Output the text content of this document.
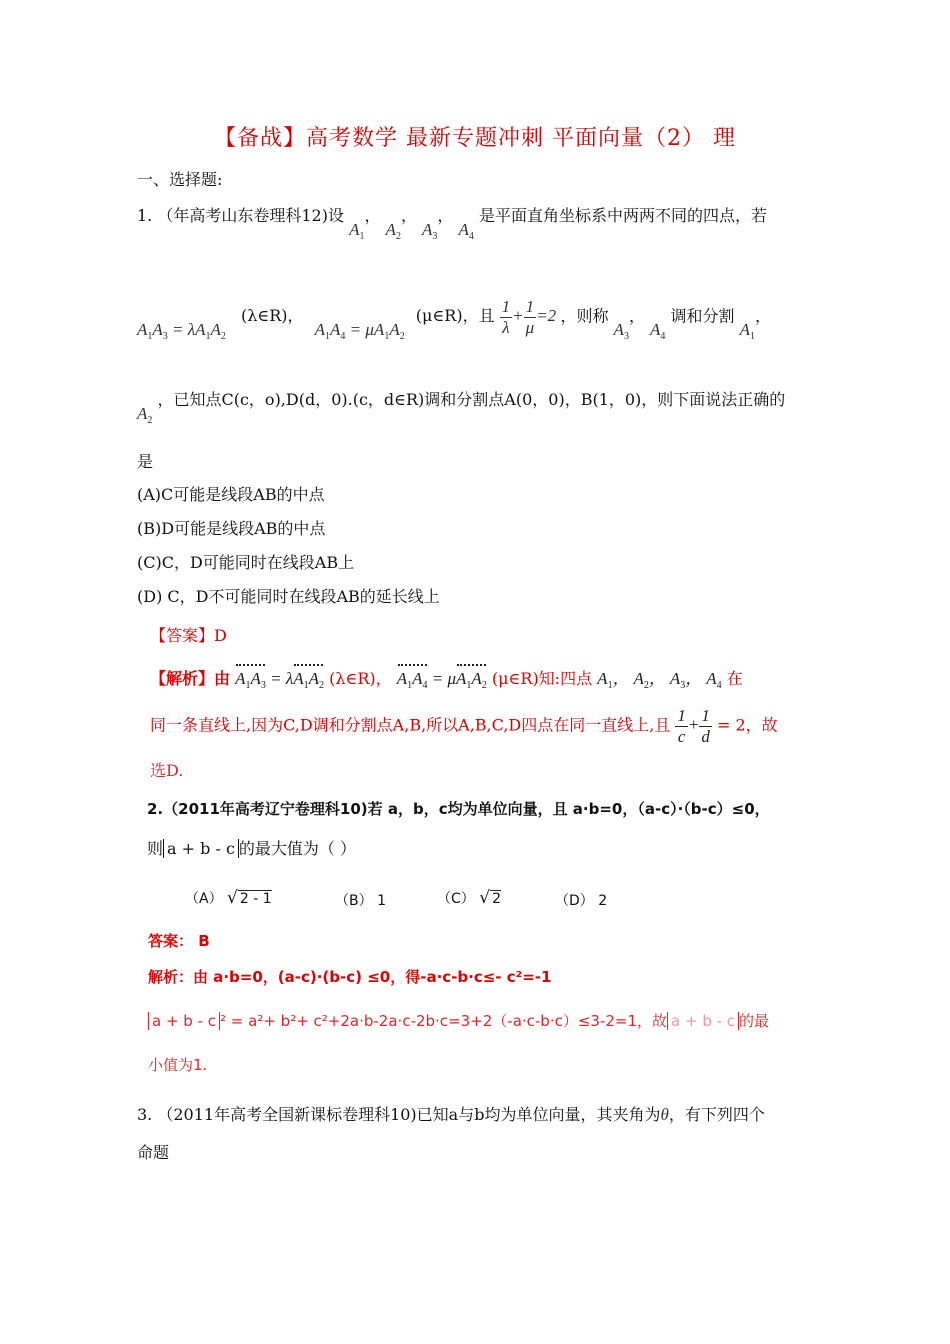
【备战】高考数学 最新专题冲刺 平面向量（2） 理
一、选择题:
1. （年高考山东卷理科12)设 $A_1$， $A_2$， $A_3$， $A_4$ 是平面直角坐标系中两两不同的四点，若
$A_1A_3 = \lambda A_1A_2$ (λ∈R)， $A_1A_4 = \mu A_1A_2$ (μ∈R)，且 $\frac{1}{\lambda} + \frac{1}{\mu} =2$ ，则称 $A_3$， $A_4$ 调和分割 $A_1$，
$A_2$ ，已知点C(c，o),D(d，0).(c，d∈R)调和分割点A(0，0)，B(1，0)，则下面说法正确的
是
(A)C可能是线段AB的中点
(B)D可能是线段AB的中点
(C)C，D可能同时在线段AB上
(D) C，D不可能同时在线段AB的延长线上
【答案】D
【解析】由 $A_1A_3 = \lambda A_1A_2$ (λ∈R)， $A_1A_4 = \mu A_1A_2$ (μ∈R)知:四点 $A_1$， $A_2$， $A_3$， $A_4$ 在
同一条直线上,因为C,D调和分割点A,B,所以A,B,C,D四点在同一直线上,且 $\frac{1}{c} + \frac{1}{d} = 2$，故
选D.
2.（2011年高考辽宁卷理科10)若 a，b，c均为单位向量，且 a·b=0，（a-c）·（b-c）≤0，
则 a + b - c 的最大值为（ ）
（A） √ 2 - 1	（B） 1	（C） √ 2	（D） 2
答案： B
解析：由 a·b=0，(a-c)·(b-c) ≤0，得-a·c-b·c≤- c²=-1
a + b - c ² = a²+ b²+ c²+2a·b-2a·c-2b·c=3+2（-a·c-b·c）≤3-2=1，故 a + b - c 的最
小值为1.
3. （2011年高考全国新课标卷理科10)已知a与b均为单位向量，其夹角为θ，有下列四个
命题
